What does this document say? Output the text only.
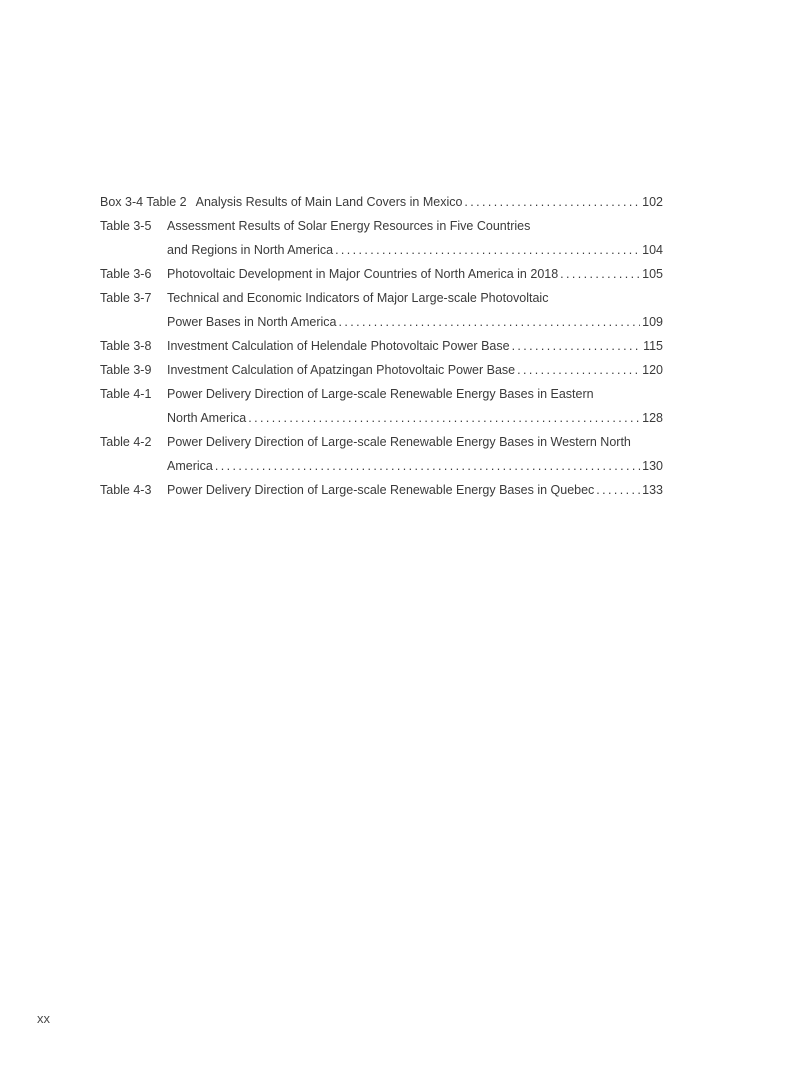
Box 3-4 Table 2 Analysis Results of Main Land Covers in Mexico .....	102
Table 3-5	Assessment Results of Solar Energy Resources in Five Countries
and Regions in North America .....	104
Table 3-6	Photovoltaic Development in Major Countries of North America in 2018 .....	105
Table 3-7	Technical and Economic Indicators of Major Large-scale Photovoltaic
Power Bases in North America .....	109
Table 3-8	Investment Calculation of Helendale Photovoltaic Power Base .....	115
Table 3-9	Investment Calculation of Apatzingan Photovoltaic Power Base .....	120
Table 4-1	Power Delivery Direction of Large-scale Renewable Energy Bases in Eastern
North America .....	128
Table 4-2	Power Delivery Direction of Large-scale Renewable Energy Bases in Western North
America .....	130
Table 4-3	Power Delivery Direction of Large-scale Renewable Energy Bases in Quebec .....	133
xx
